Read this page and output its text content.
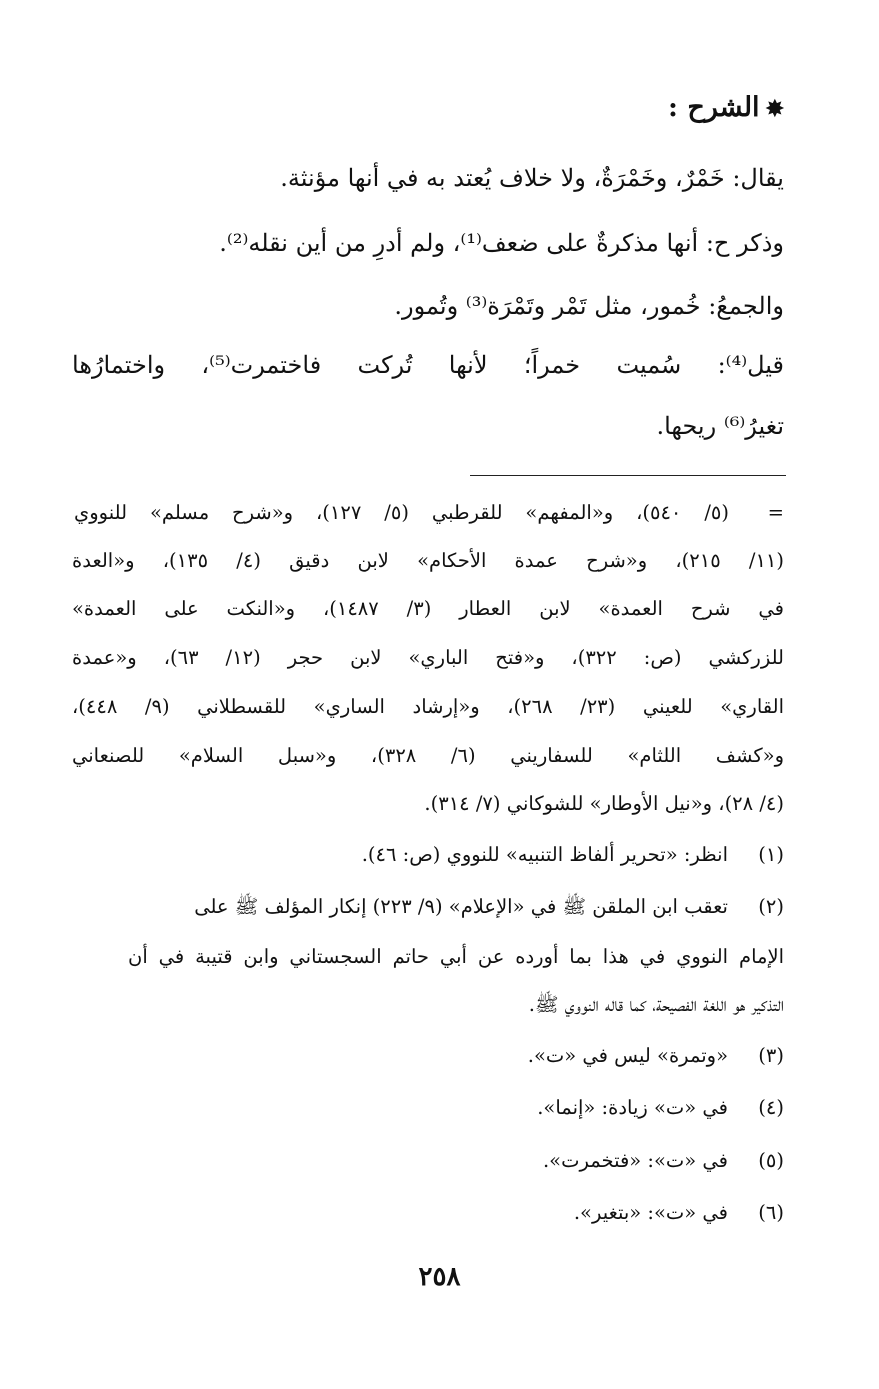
✸الشرح :
يقال: خَمْرٌ، وخَمْرَةٌ، ولا خلاف يُعتد به في أنها مؤنثة.
وذكر ح: أنها مذكرةٌ على ضعف⁽¹⁾، ولم أدرِ من أين نقله⁽²⁾.
والجمعُ: خُمور، مثل تَمْر وتَمْرَة⁽³⁾ وتُمور.
قيل⁽⁴⁾: سُميت خمراً؛ لأنها تُركت فاختمرت⁽⁵⁾، واختمارُها
تغيرُ⁽⁶⁾ ريحها.
=
(٥/ ٥٤٠)، و«المفهم» للقرطبي (٥/ ١٢٧)، و«شرح مسلم» للنووي
(١١/ ٢١٥)، و«شرح عمدة الأحكام» لابن دقيق (٤/ ١٣٥)، و«العدة
في شرح العمدة» لابن العطار (٣/ ١٤٨٧)، و«النكت على العمدة»
للزركشي (ص: ٣٢٢)، و«فتح الباري» لابن حجر (١٢/ ٦٣)، و«عمدة
القاري» للعيني (٢٣/ ٢٦٨)، و«إرشاد الساري» للقسطلاني (٩/ ٤٤٨)،
و«كشف اللثام» للسفاريني (٦/ ٣٢٨)، و«سبل السلام» للصنعاني
(٤/ ٢٨)، و«نيل الأوطار» للشوكاني (٧/ ٣١٤).
(١)انظر: «تحرير ألفاظ التنبيه» للنووي (ص: ٤٦).
(٢)تعقب ابن الملقن ﷺ في «الإعلام» (٩/ ٢٢٣) إنكار المؤلف ﷺ على
الإمام النووي في هذا بما أورده عن أبي حاتم السجستاني وابن قتيبة في أن
التذكير هو اللغة الفصيحة، كما قاله النووي ﷺ.
(٣)«وتمرة» ليس في «ت».
(٤)في «ت» زيادة: «إنما».
(٥)في «ت»: «فتخمرت».
(٦)في «ت»: «بتغير».
٢٥٨
